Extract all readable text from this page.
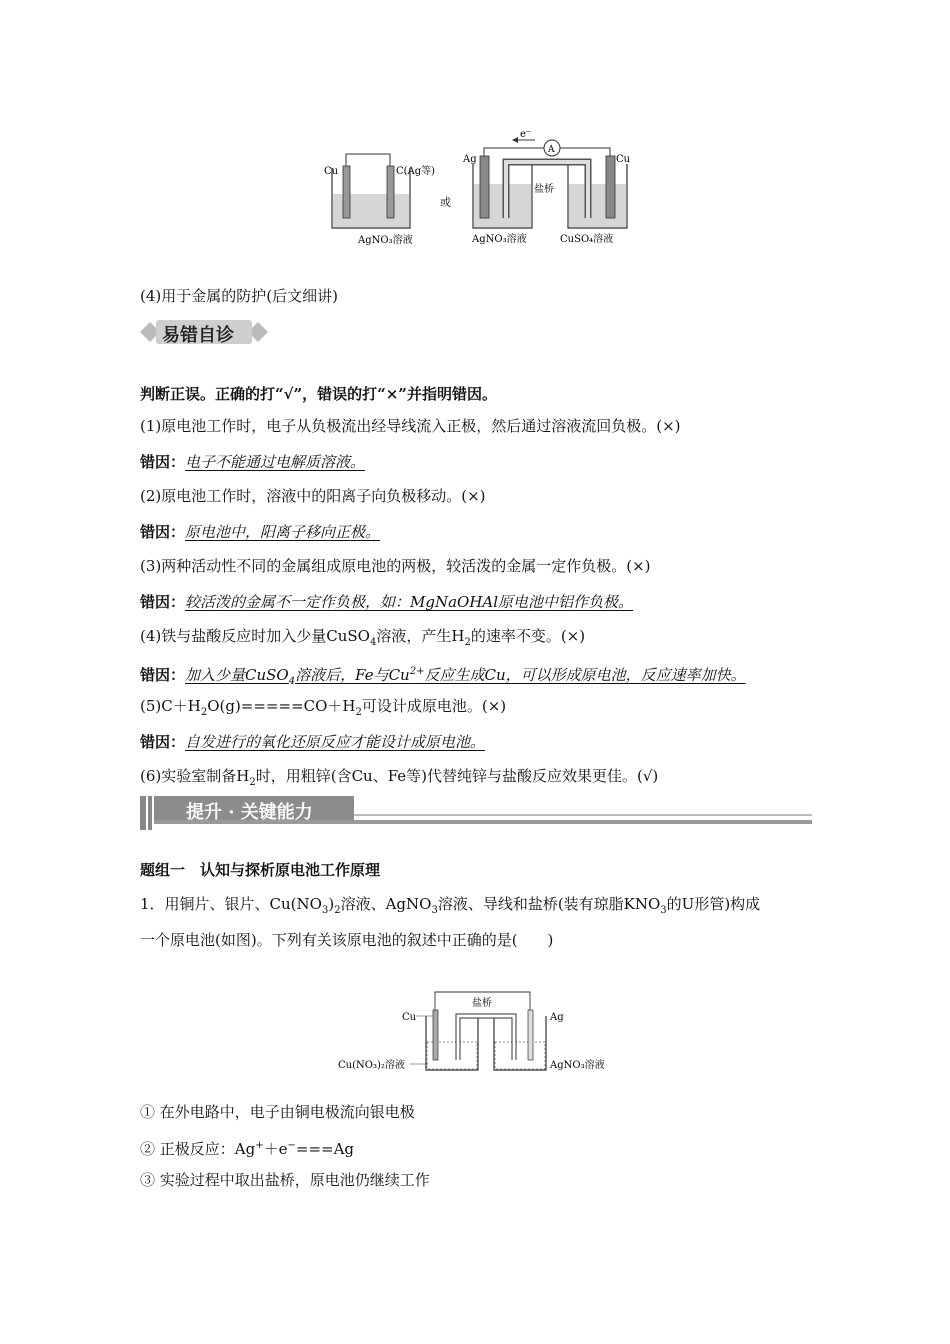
Cu	C(Ag等)
AgNO₃溶液
或
A
e⁻
Ag	Cu
盐桥
AgNO₃溶液	CuSO₄溶液
(4)用于金属的防护(后文细讲)
易错自诊
判断正误。正确的打“√”，错误的打“×”并指明错因。
(1)原电池工作时，电子从负极流出经导线流入正极，然后通过溶液流回负极。(×)
错因：电子不能通过电解质溶液。
(2)原电池工作时，溶液中的阳离子向负极移动。(×)
错因：原电池中，阳离子移向正极。
(3)两种活动性不同的金属组成原电池的两极，较活泼的金属一定作负极。(×)
错因：较活泼的金属不一定作负极，如：MgNaOHAl原电池中铝作负极。
(4)铁与盐酸反应时加入少量CuSO$_4$溶液，产生$H_2$的速率不变。(×)
错因：加入少量CuSO$_4$溶液后，Fe与$Cu^{2+}$反应生成Cu，可以形成原电池，反应速率加快。
$(5)C+H_2O(g)=====CO+H_2$可设计成原电池。(×)
错因：自发进行的氧化还原反应才能设计成原电池。
(6)实验室制备$H_2$时，用粗锌(含Cu、Fe等)代替纯锌与盐酸反应效果更佳。(√)
提升 · 关键能力
题组一　认知与探析原电池工作原理
1．用铜片、银片、$Cu(NO_3)_2$溶液、AgNO$_3$溶液、导线和盐桥(装有琼脂$KNO_3$的U形管)构成
一个原电池(如图)。下列有关该原电池的叙述中正确的是(　　)
盐桥
Cu	Ag
Cu(NO₃)₂溶液	AgNO₃溶液
① 在外电路中，电子由铜电极流向银电极
② 正极反应：Ag+＋e−===Ag
③ 实验过程中取出盐桥，原电池仍继续工作
